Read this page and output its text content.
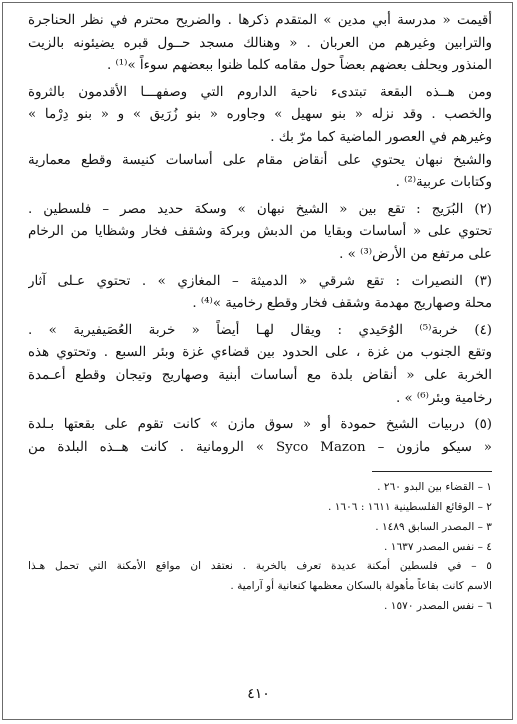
أقيمت « مدرسة أبي مدين » المتقدم ذكرها . والضريح محترم في نظر الحناجرة
والترابين وغيرهم من العربان . « وهنالك مسجد حــول قبره يضيئونه بالزيت
المنذور ويحلف بعضهم بعضاً حول مقامه كلما ظنوا ببعضهم سوءاً »⁽¹⁾ .
ومن هــذه البقعة تبتدىء ناحية الداروم التي وصفهـــا الأقدمون بالثروة
والخصب . وقد نزله « بنو سهيل » وجاوره « بنو زُرَيق » و « بنو دِرْما »
وغيرهم في العصور الماضية كما مرّ بك .
والشيخ نبهان يحتوي على أنقاض مقام على أساسات كنيسة وقطع معمارية
وكتابات عربية⁽²⁾ .
(٢) البُرَيج : تقع بين « الشيخ نبهان » وسكة حديد مصر – فلسطين .
تحتوي على « أساسات وبقايا من الدبش وبركة وشقف فخار وشظايا من الرخام
على مرتفع من الأرض⁽³⁾ » .
(٣) النصيرات : تقع شرقي « الدميثة – المغازي » . تحتوي عـلى آثار
محلة وصهاريج مهدمة وشقف فخار وقطع رخامية »⁽⁴⁾ .
(٤) خربة⁽⁵⁾ الوُحَيدي : ويقال لهـا أيضاً « خربة العُصَيفيرية » .
وتقع الجنوب من غزة ، على الحدود بين قضاءي غزة وبئر السبع . وتحتوي هذه
الخربة على « أنقاض بلدة مع أساسات أبنية وصهاريج وتيجان وقطع أعـمدة
رخامية وبئر⁽⁶⁾ » .
(٥) دربيات الشيخ حمودة أو « سوق مازن » كانت تقوم على بقعتها بـلدة
« سيكو مازون – Syco Mazon » الرومانية . كانت هــذه البلدة من
١ – القضاء بين البدو ٢٦٠ .
٢ – الوقائع الفلسطينية ١٦١١ : ١٦٠٦ .
٣ – المصدر السابق ١٤٨٩ .
٤ – نفس المصدر ١٦٣٧ .
٥ – في فلسطين أمكنة عديدة تعرف بالخربة . نعتقد ان مواقع الأمكنة التي تحمل هـذا
الاسم كانت بقاعاً مأهولة بالسكان معظمها كنعانية أو آرامية .
٦ – نفس المصدر ١٥٧٠ .
٤١٠
